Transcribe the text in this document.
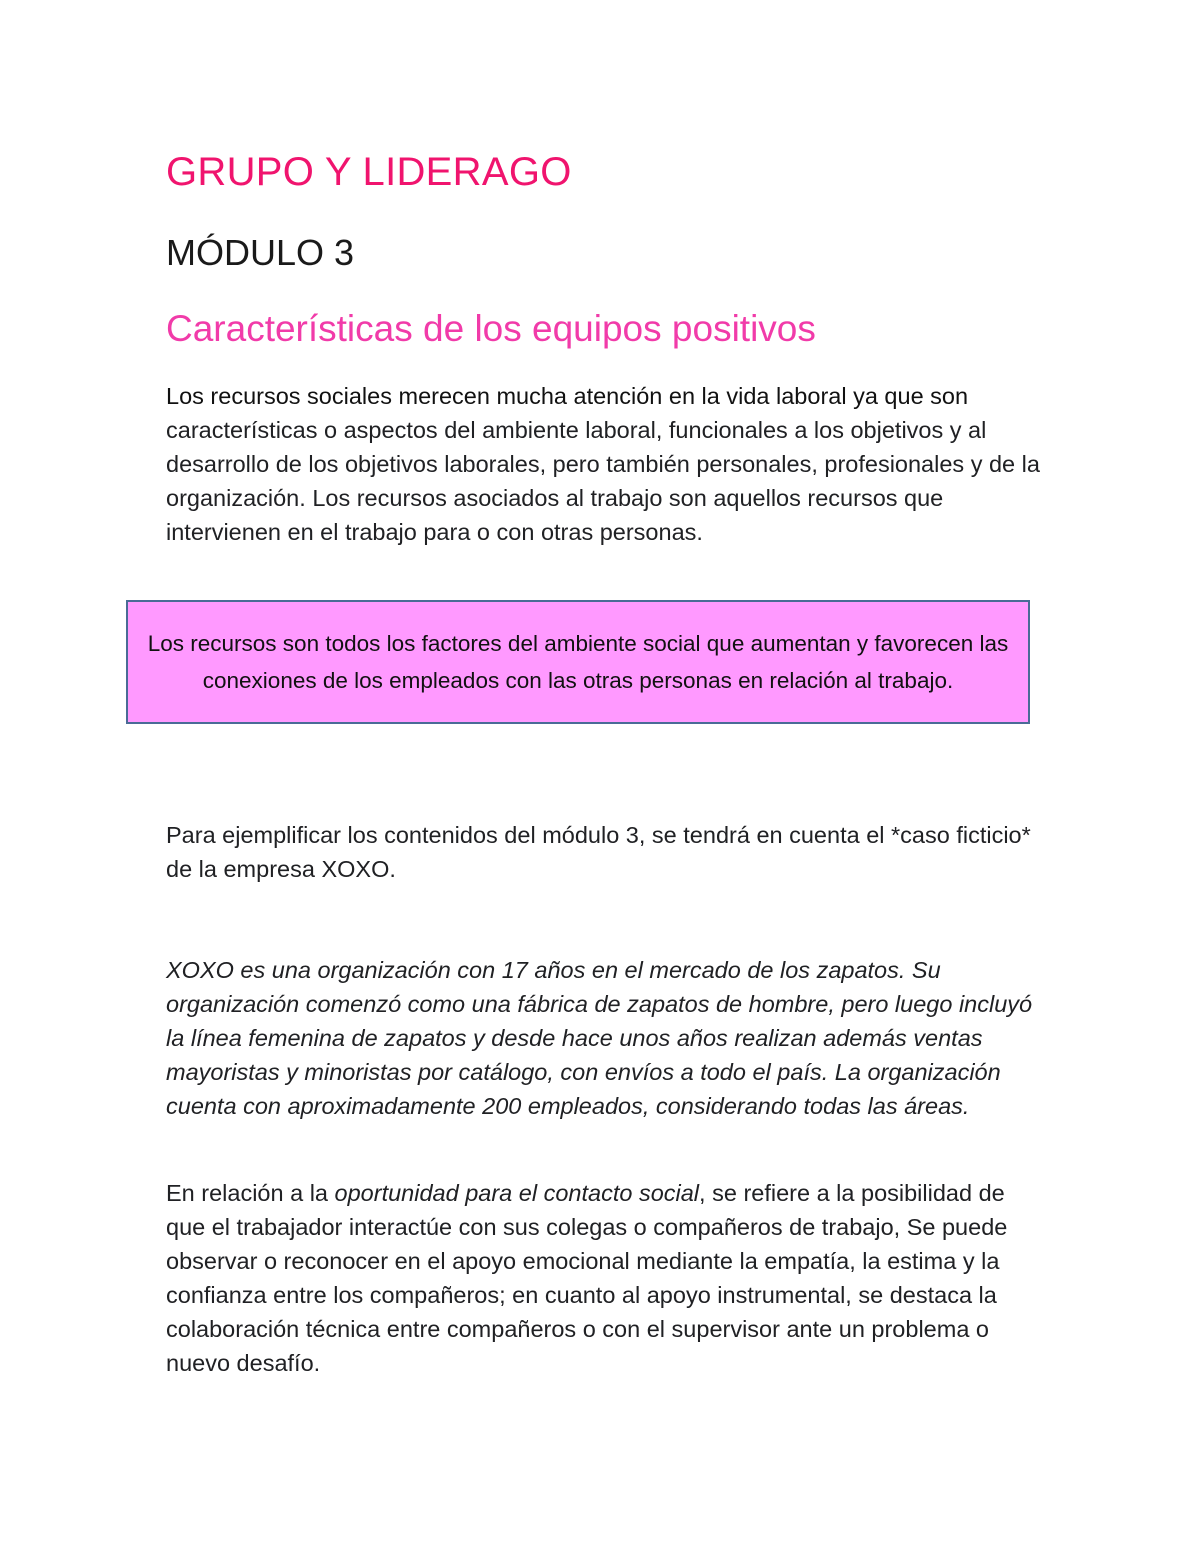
GRUPO Y LIDERAGO
MÓDULO 3
Características de los equipos positivos

Los recursos sociales merecen mucha atención en la vida laboral ya que son características o aspectos del ambiente laboral, funcionales a los objetivos y al desarrollo de los objetivos laborales, pero también personales, profesionales y de la organización. Los recursos asociados al trabajo son aquellos recursos que intervienen en el trabajo para o con otras personas.

Los recursos son todos los factores del ambiente social que aumentan y favorecen las conexiones de los empleados con las otras personas en relación al trabajo.

Para ejemplificar los contenidos del módulo 3, se tendrá en cuenta el *caso ficticio* de la empresa XOXO.

XOXO es una organización con 17 años en el mercado de los zapatos. Su organización comenzó como una fábrica de zapatos de hombre, pero luego incluyó la línea femenina de zapatos y desde hace unos años realizan además ventas mayoristas y minoristas por catálogo, con envíos a todo el país. La organización cuenta con aproximadamente 200 empleados, considerando todas las áreas.

En relación a la oportunidad para el contacto social, se refiere a la posibilidad de que el trabajador interactúe con sus colegas o compañeros de trabajo, Se puede observar o reconocer en el apoyo emocional mediante la empatía, la estima y la confianza entre los compañeros; en cuanto al apoyo instrumental, se destaca la colaboración técnica entre compañeros o con el supervisor ante un problema o nuevo desafío.
